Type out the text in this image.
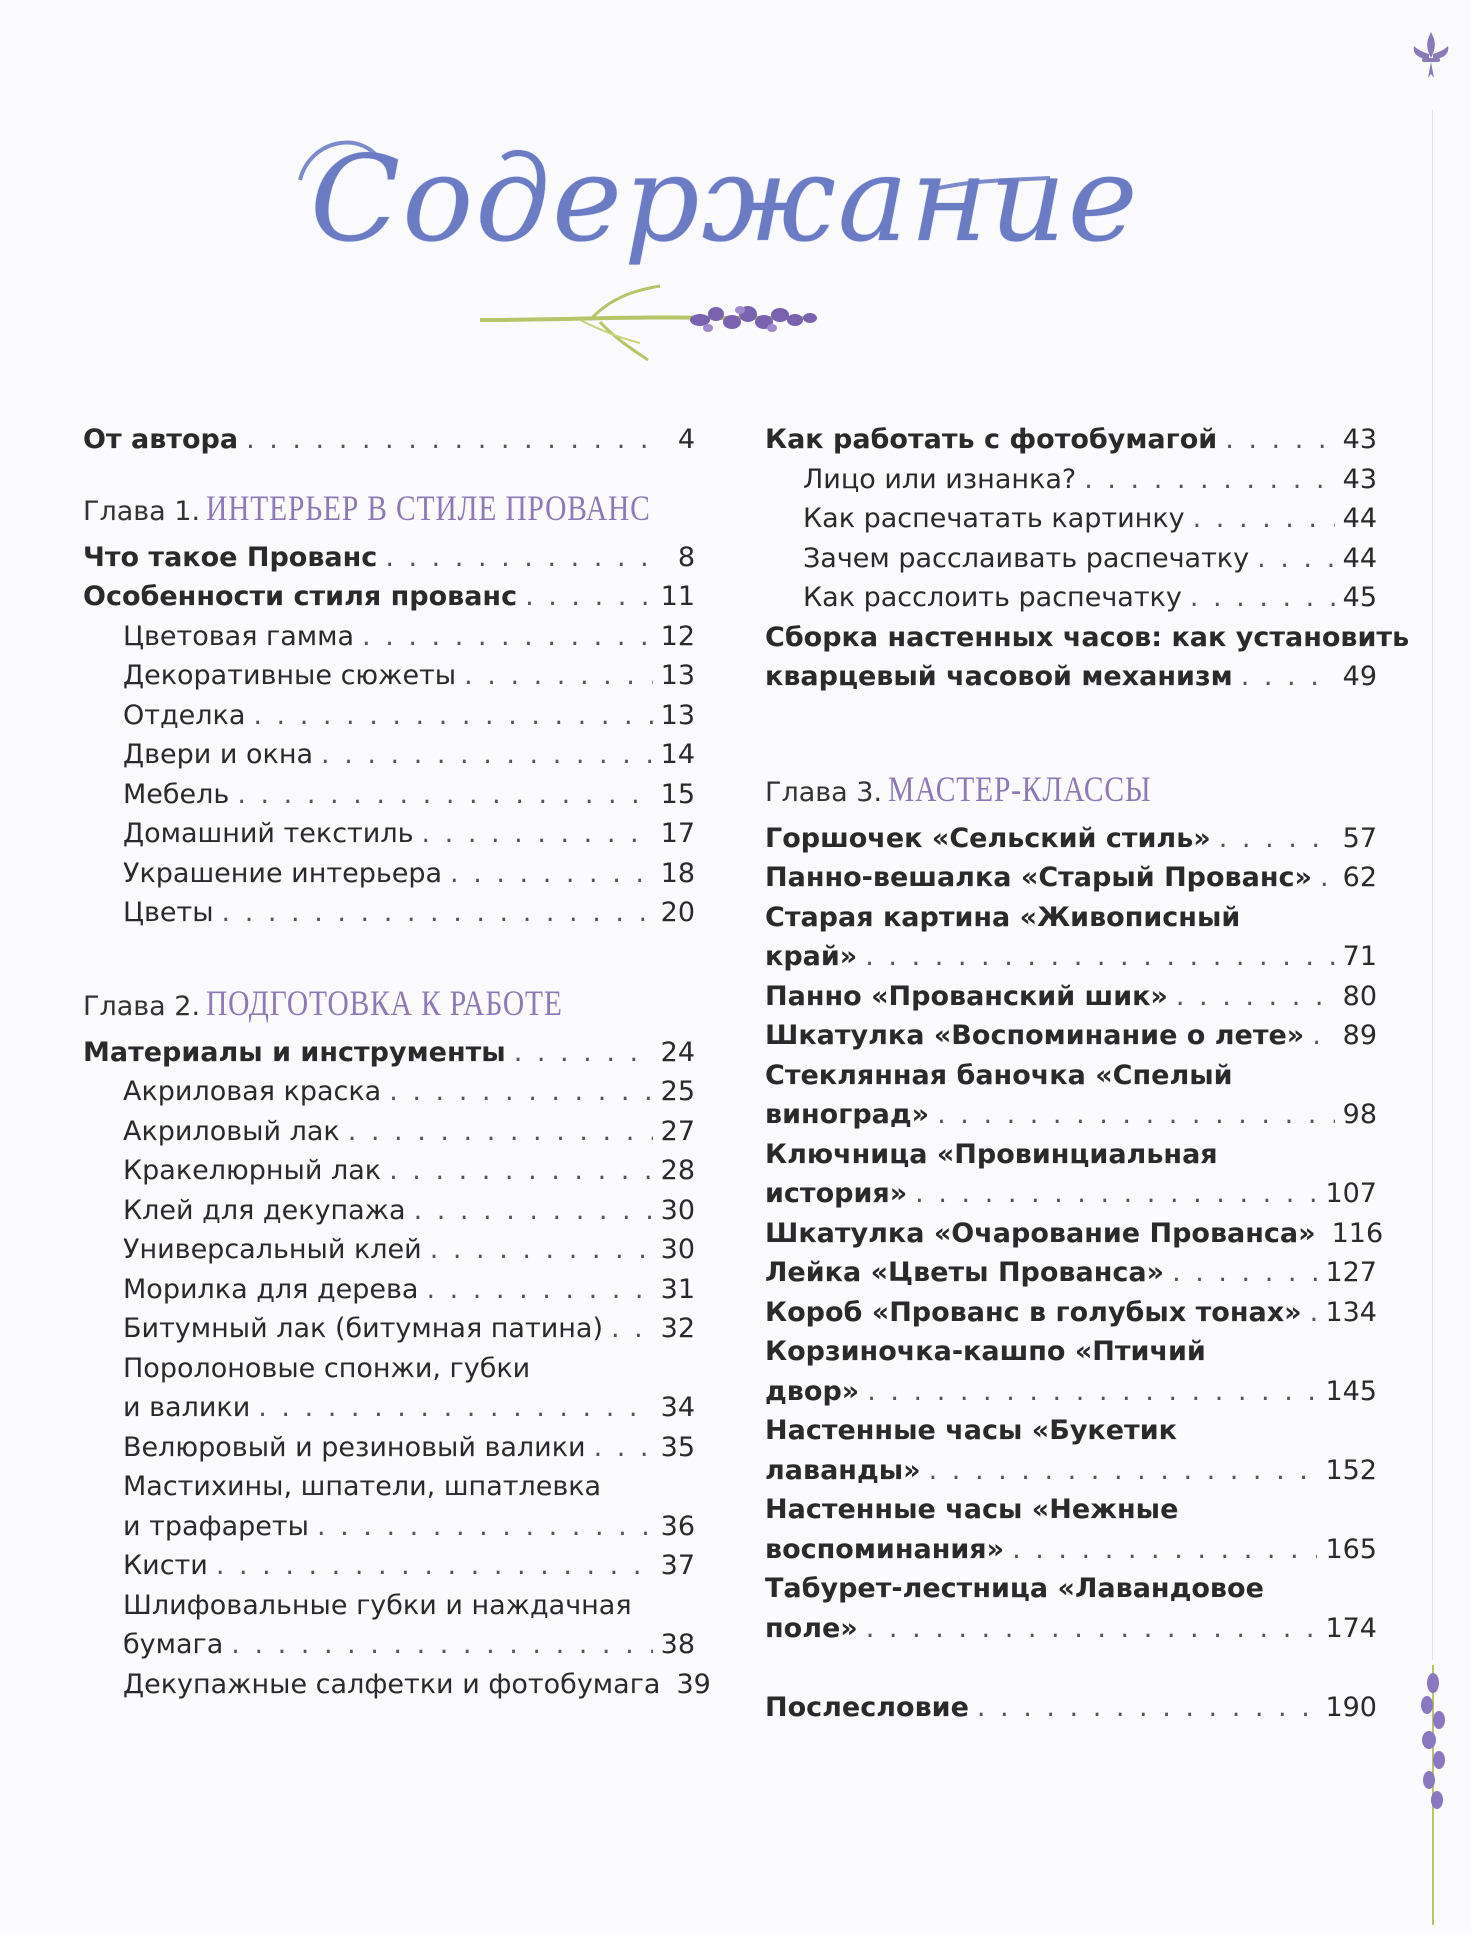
Содержание
От автора . . .	4
Глава 1. ИНТЕРЬЕР В СТИЛЕ ПРОВАНС
Что такое Прованс . . .	8
Особенности стиля прованс . . .	11
Цветовая гамма . . .	12
Декоративные сюжеты . . .	13
Отделка . . .	13
Двери и окна . . .	14
Мебель . . .	15
Домашний текстиль . . .	17
Украшение интерьера . . .	18
Цветы . . .	20
Глава 2. ПОДГОТОВКА К РАБОТЕ
Материалы и инструменты . . .	24
Акриловая краска . . .	25
Акриловый лак . . .	27
Кракелюрный лак . . .	28
Клей для декупажа . . .	30
Универсальный клей . . .	30
Морилка для дерева . . .	31
Битумный лак (битумная патина) . . . 32
Поролоновые спонжи, губки
и валики . . .	34
Велюровый и резиновый валики . . .	35
Мастихины, шпатели, шпатлевка
и трафареты . . .	36
Кисти . . .	37
Шлифовальные губки и наждачная
бумага . . .	38
Декупажные салфетки и фотобумага 39
Как работать с фотобумагой . . .	43
Лицо или изнанка? . . .	43
Как распечатать картинку . . .	44
Зачем расслаивать распечатку . . .	44
Как расслоить распечатку . . .	45
Сборка настенных часов: как установить
кварцевый часовой механизм . . .	49
Глава 3. МАСТЕР-КЛАССЫ
Горшочек «Сельский стиль» . . .	57
Панно-вешалка «Старый Прованс» . . . 62
Старая картина «Живописный
край» . . .	71
Панно «Прованский шик» . . .	80
Шкатулка «Воспоминание о лете» . . . 89
Стеклянная баночка «Спелый
виноград» . . .	98
Ключница «Провинциальная
история» . . .	107
Шкатулка «Очарование Прованса» 116
Лейка «Цветы Прованса» . . .	127
Короб «Прованс в голубых тонах» . . . 134
Корзиночка-кашпо «Птичий
двор» . . .	145
Настенные часы «Букетик
лаванды» . . .	152
Настенные часы «Нежные
воспоминания» . . .	165
Табурет-лестница «Лавандовое
поле» . . .	174
Послесловие . . .	190
